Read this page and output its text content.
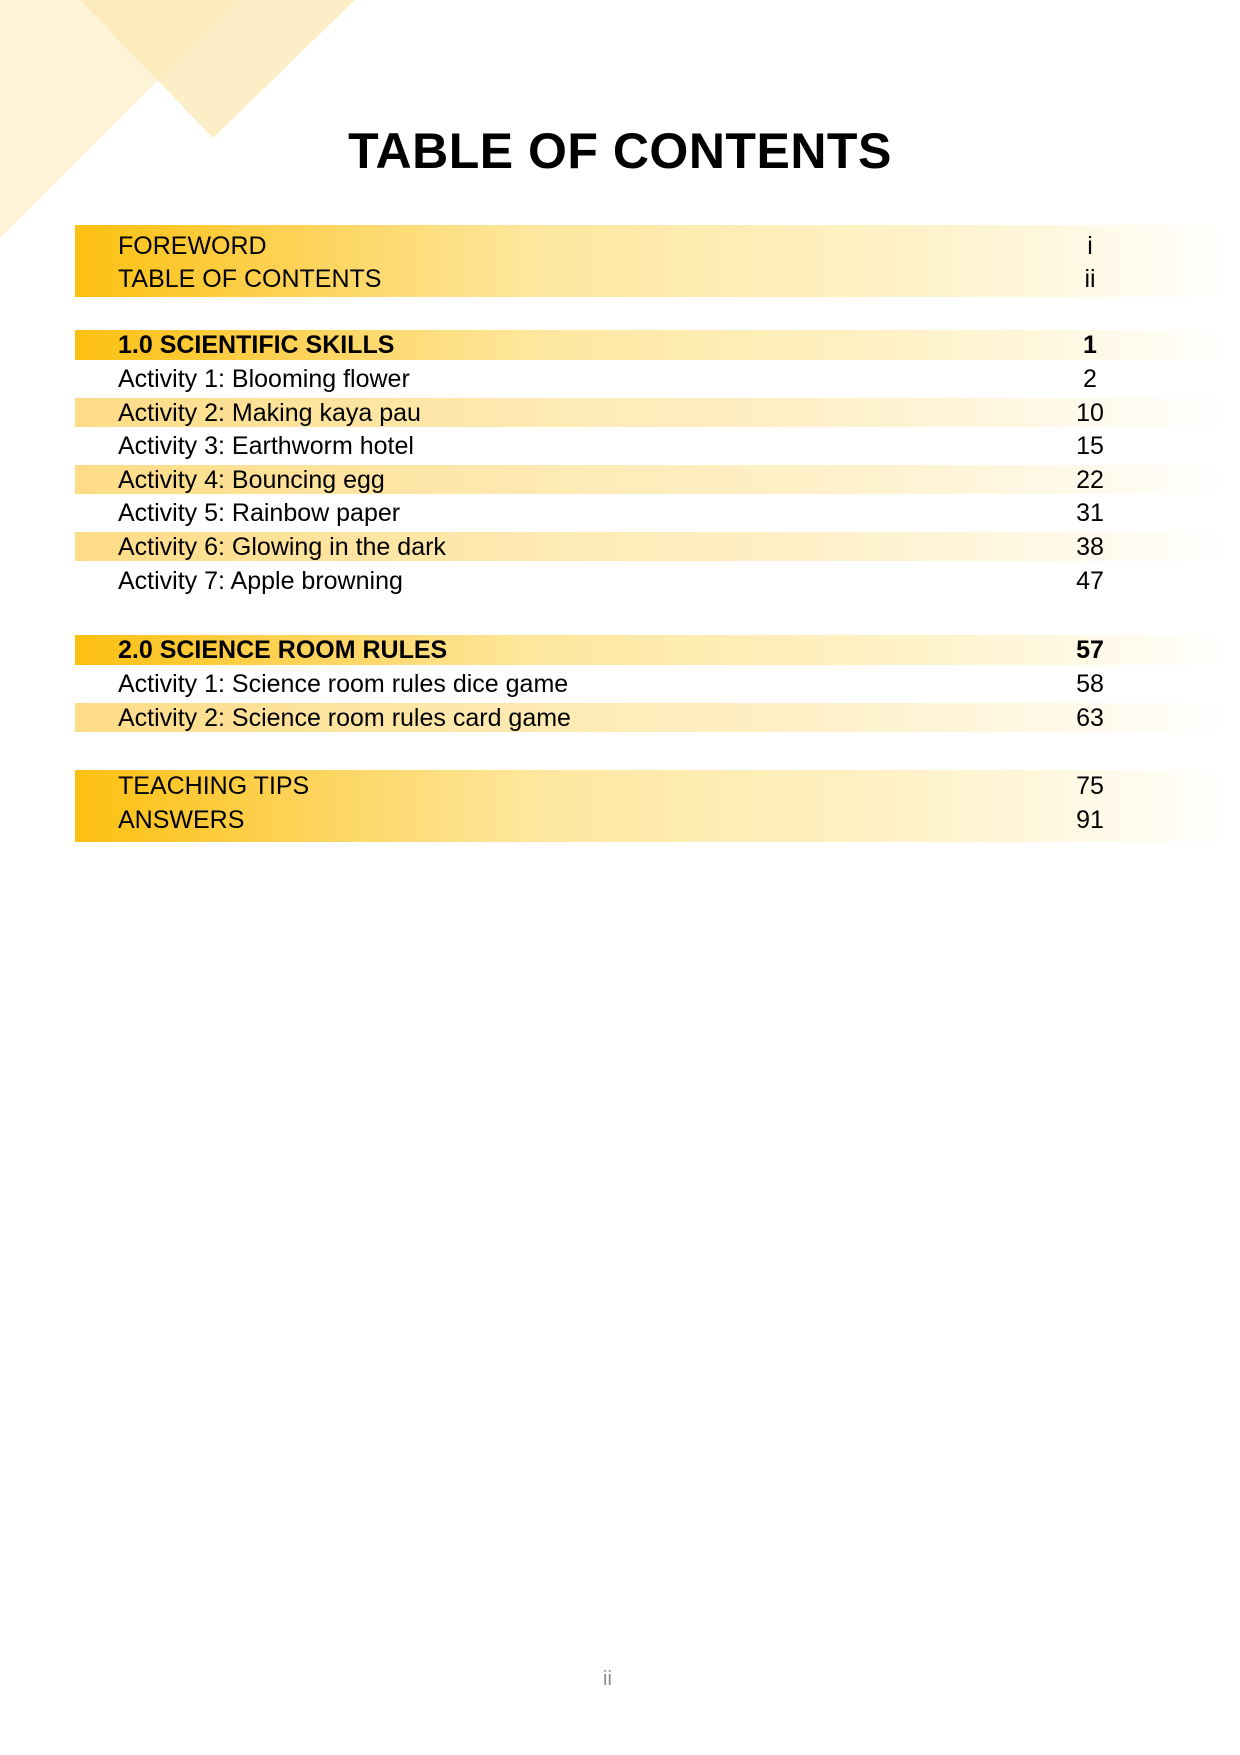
TABLE OF CONTENTS
FOREWORD	i
TABLE OF CONTENTS	ii
1.0 SCIENTIFIC SKILLS	1
Activity 1: Blooming flower	2
Activity 2: Making kaya pau	10
Activity 3: Earthworm hotel	15
Activity 4: Bouncing egg	22
Activity 5: Rainbow paper	31
Activity 6: Glowing in the dark	38
Activity 7: Apple browning	47
2.0 SCIENCE ROOM RULES	57
Activity 1: Science room rules dice game	58
Activity 2: Science room rules card game	63
TEACHING TIPS	75
ANSWERS	91
ii
